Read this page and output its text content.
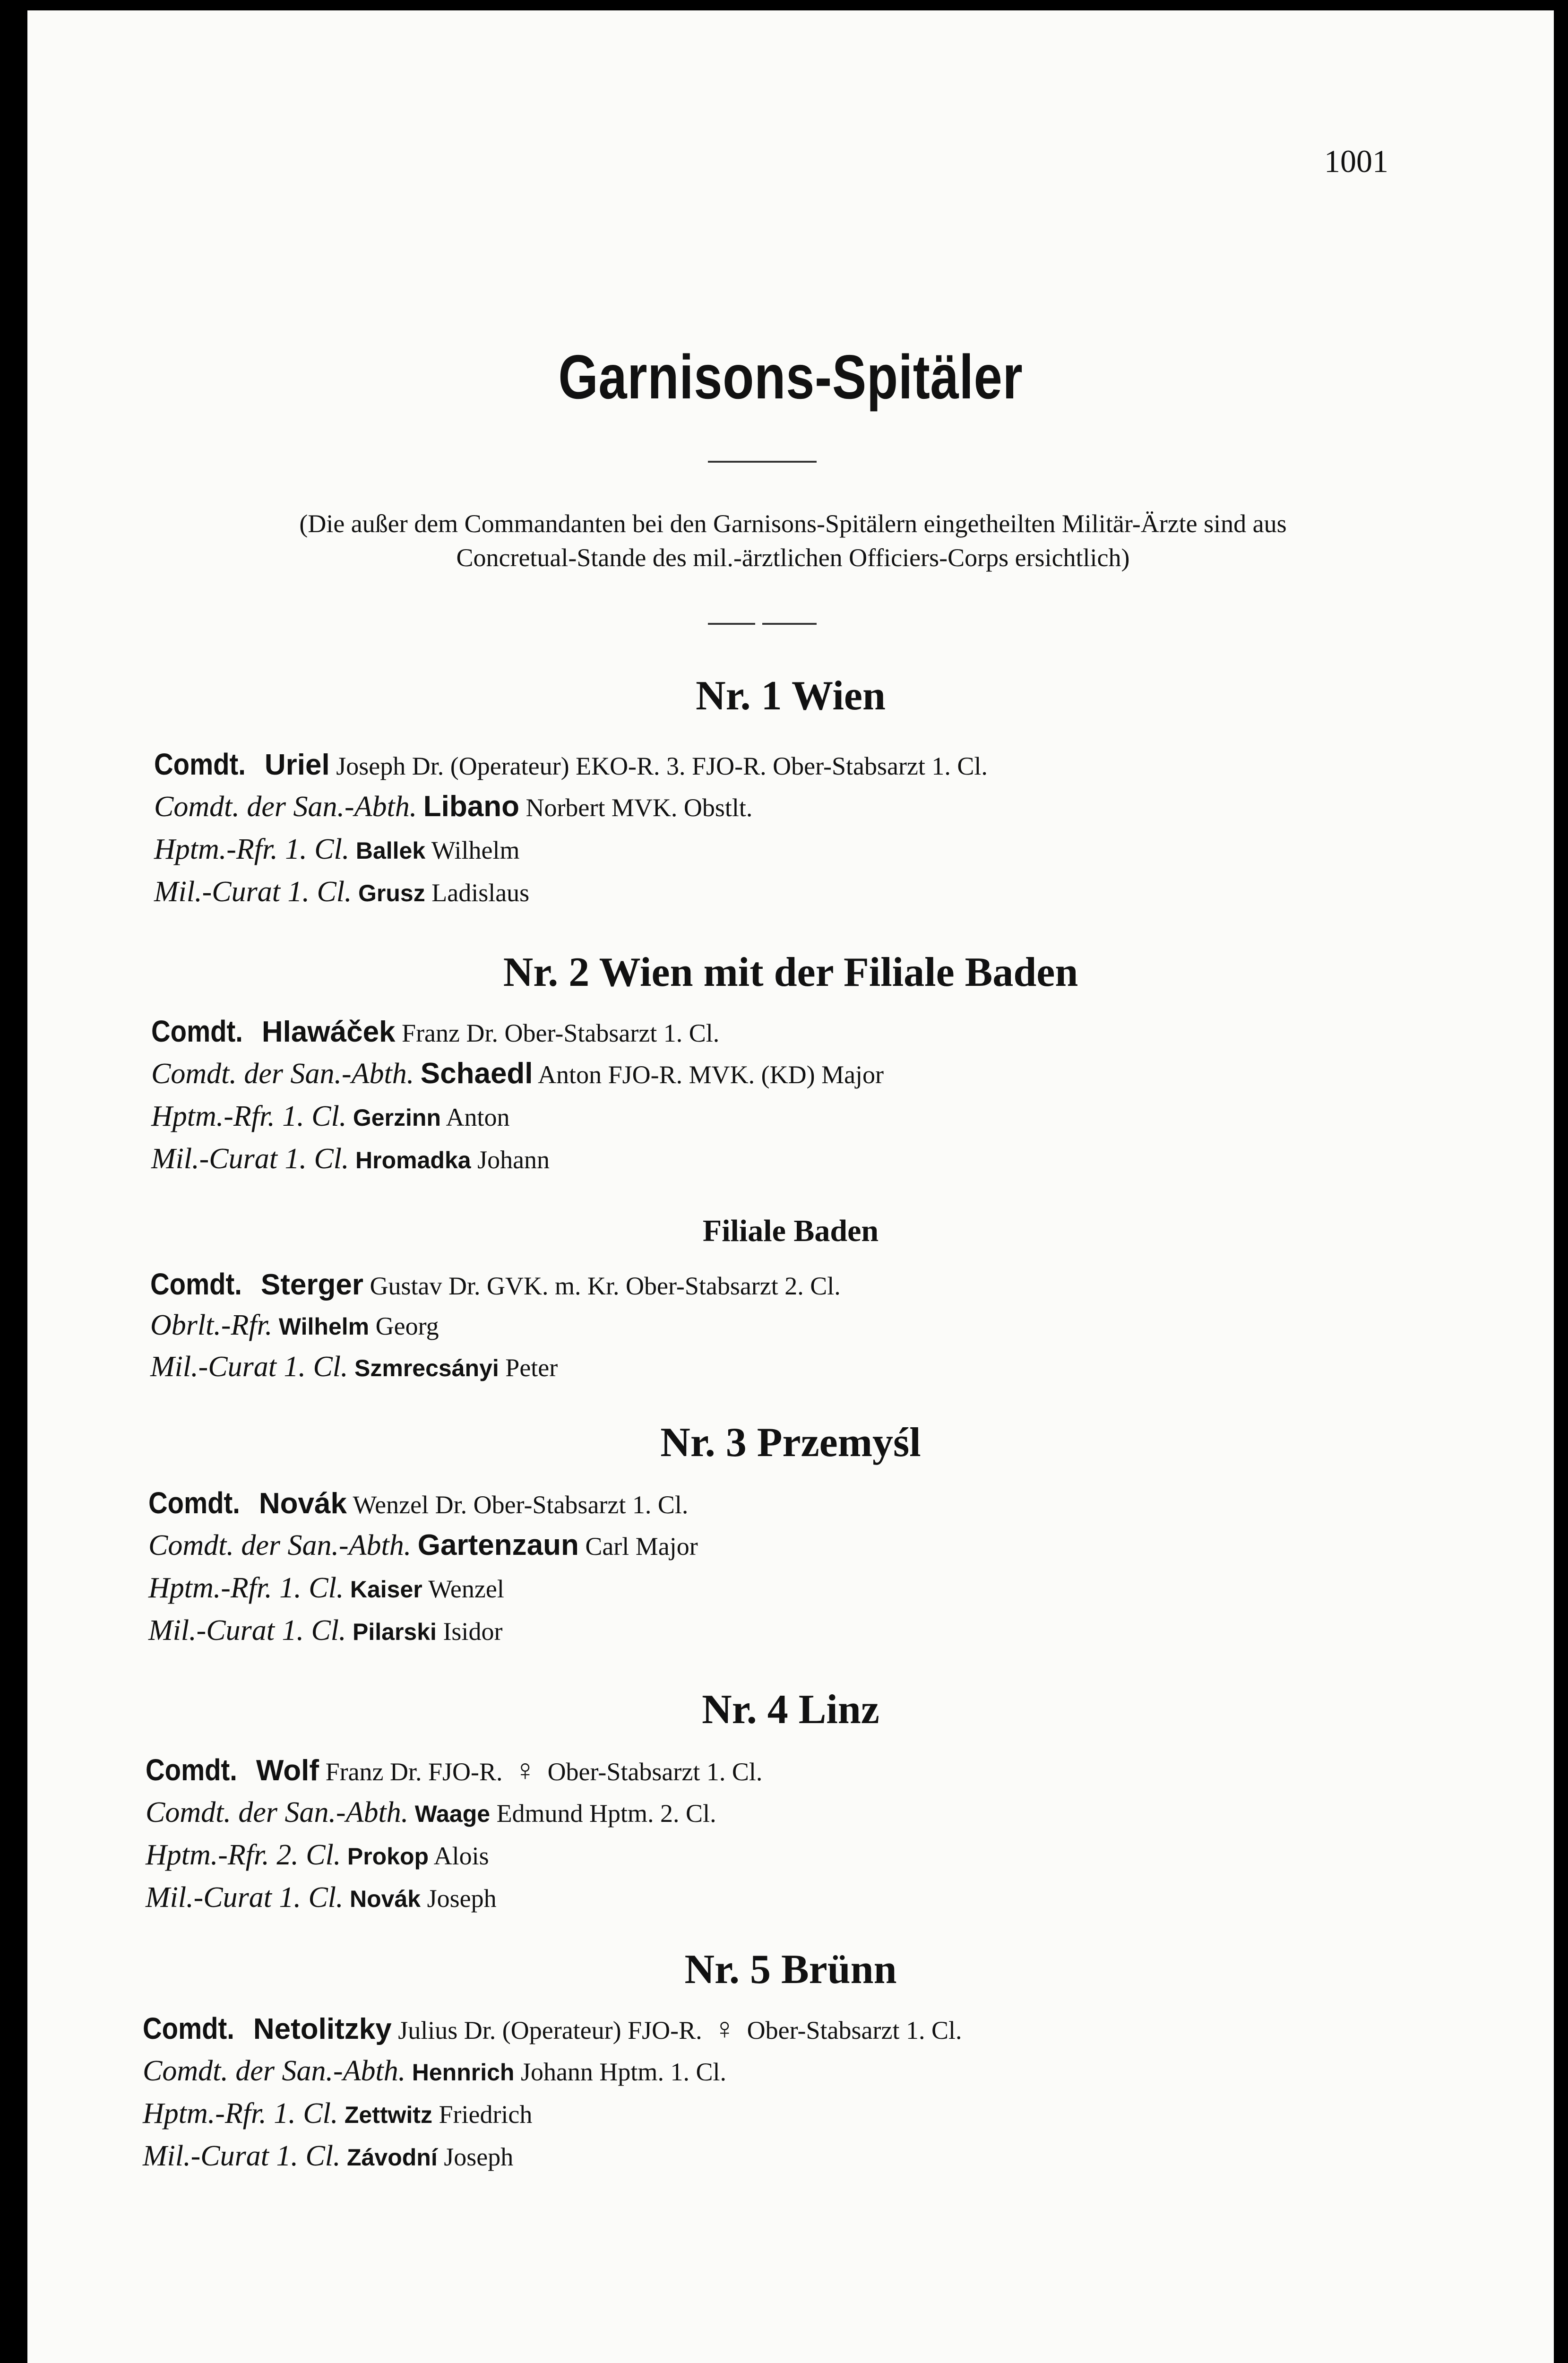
1001
Garnisons-Spitäler
(Die außer dem Commandanten bei den Garnisons-Spitälern eingetheilten Militär-Ärzte sind aus
Concretual-Stande des mil.-ärztlichen Officiers-Corps ersichtlich)
Nr. 1 Wien
Comdt. Uriel Joseph Dr. (Operateur) EKO-R. 3. FJO-R. Ober-Stabsarzt 1. Cl.
Comdt. der San.-Abth. Libano Norbert MVK. Obstlt.
Hptm.-Rfr. 1. Cl. Ballek Wilhelm
Mil.-Curat 1. Cl. Grusz Ladislaus
Nr. 2 Wien mit der Filiale Baden
Comdt. Hlawáček Franz Dr. Ober-Stabsarzt 1. Cl.
Comdt. der San.-Abth. Schaedl Anton FJO-R. MVK. (KD) Major
Hptm.-Rfr. 1. Cl. Gerzinn Anton
Mil.-Curat 1. Cl. Hromadka Johann
Filiale Baden
Comdt. Sterger Gustav Dr. GVK. m. Kr. Ober-Stabsarzt 2. Cl.
Obrlt.-Rfr. Wilhelm Georg
Mil.-Curat 1. Cl. Szmrecsányi Peter
Nr. 3 Przemyśl
Comdt. Novák Wenzel Dr. Ober-Stabsarzt 1. Cl.
Comdt. der San.-Abth. Gartenzaun Carl Major
Hptm.-Rfr. 1. Cl. Kaiser Wenzel
Mil.-Curat 1. Cl. Pilarski Isidor
Nr. 4 Linz
Comdt. Wolf Franz Dr. FJO-R. ♀ Ober-Stabsarzt 1. Cl.
Comdt. der San.-Abth. Waage Edmund Hptm. 2. Cl.
Hptm.-Rfr. 2. Cl. Prokop Alois
Mil.-Curat 1. Cl. Novák Joseph
Nr. 5 Brünn
Comdt. Netolitzky Julius Dr. (Operateur) FJO-R. ♀ Ober-Stabsarzt 1. Cl.
Comdt. der San.-Abth. Hennrich Johann Hptm. 1. Cl.
Hptm.-Rfr. 1. Cl. Zettwitz Friedrich
Mil.-Curat 1. Cl. Závodní Joseph
